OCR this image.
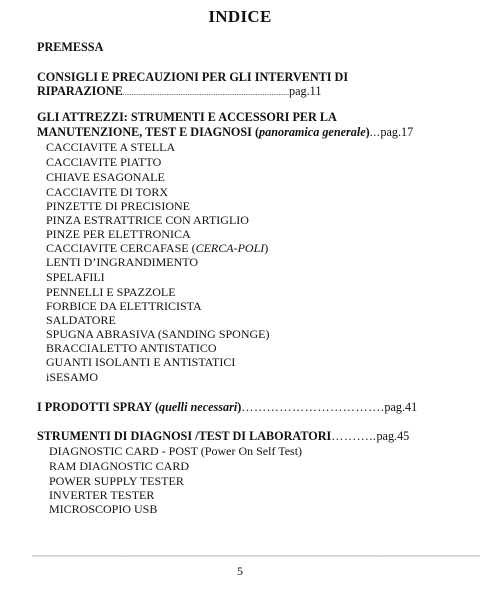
INDICE
PREMESSA
CONSIGLI E PRECAUZIONI PER GLI INTERVENTI DI
RIPARAZIONE...............................................................................................pag.11
GLI ATTREZZI: STRUMENTI E ACCESSORI PER LA
MANUTENZIONE, TEST E DIAGNOSI (panoramica generale)...pag.17
CACCIAVITE A STELLA
CACCIAVITE PIATTO
CHIAVE ESAGONALE
CACCIAVITE DI TORX
PINZETTE DI PRECISIONE
PINZA ESTRATTRICE CON ARTIGLIO
PINZE PER ELETTRONICA
CACCIAVITE CERCAFASE (CERCA-POLI)
LENTI D’INGRANDIMENTO
SPELAFILI
PENNELLI E SPAZZOLE
FORBICE DA ELETTRICISTA
SALDATORE
SPUGNA ABRASIVA (SANDING SPONGE)
BRACCIALETTO ANTISTATICO
GUANTI ISOLANTI E ANTISTATICI
iSESAMO
I PRODOTTI SPRAY (quelli necessari)…………………………….pag.41
STRUMENTI DI DIAGNOSI /TEST DI LABORATORI………..pag.45
DIAGNOSTIC CARD - POST (Power On Self Test)
RAM DIAGNOSTIC CARD
POWER SUPPLY TESTER
INVERTER TESTER
MICROSCOPIO USB
5
